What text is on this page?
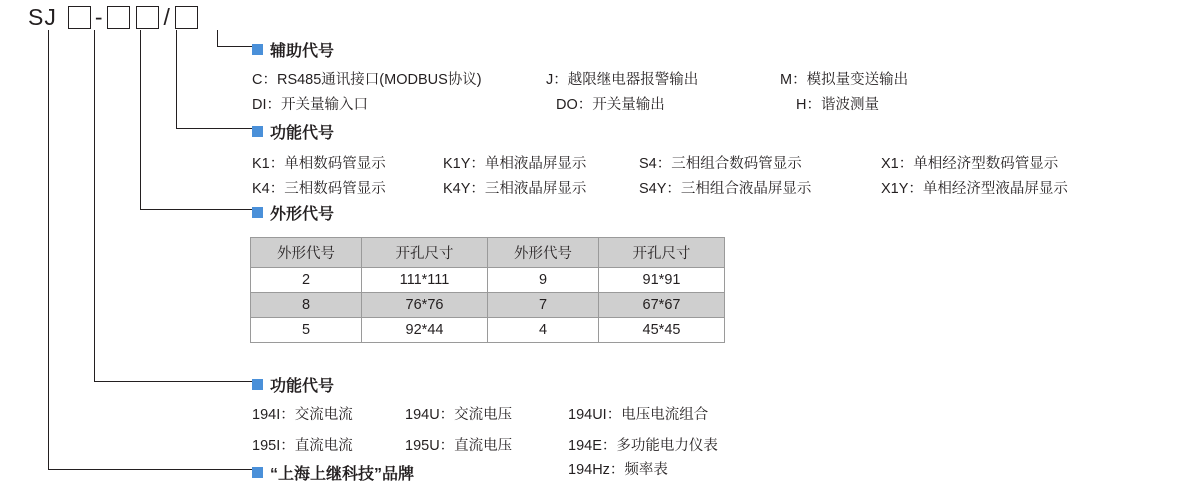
SJ -	/
辅助代号
C：RS485通讯接口(MODBUS协议)	J：越限继电器报警输出	M：模拟量变送输出
DI：开关量输入口	DO：开关量输出	H：谐波测量
功能代号
K1：单相数码管显示	K1Y：单相液晶屏显示	S4：三相组合数码管显示	X1：单相经济型数码管显示
K4：三相数码管显示	K4Y：三相液晶屏显示	S4Y：三相组合液晶屏显示	X1Y：单相经济型液晶屏显示
外形代号
外形代号	开孔尺寸	外形代号	开孔尺寸
2	111*111	9	91*91
8	76*76	7	67*67
5	92*44	4	45*45
功能代号
194I：交流电流	194U：交流电压	194UI：电压电流组合
195I：直流电流	195U：直流电压	194E：多功能电力仪表
194Hz：频率表
“上海上继科技”品牌
